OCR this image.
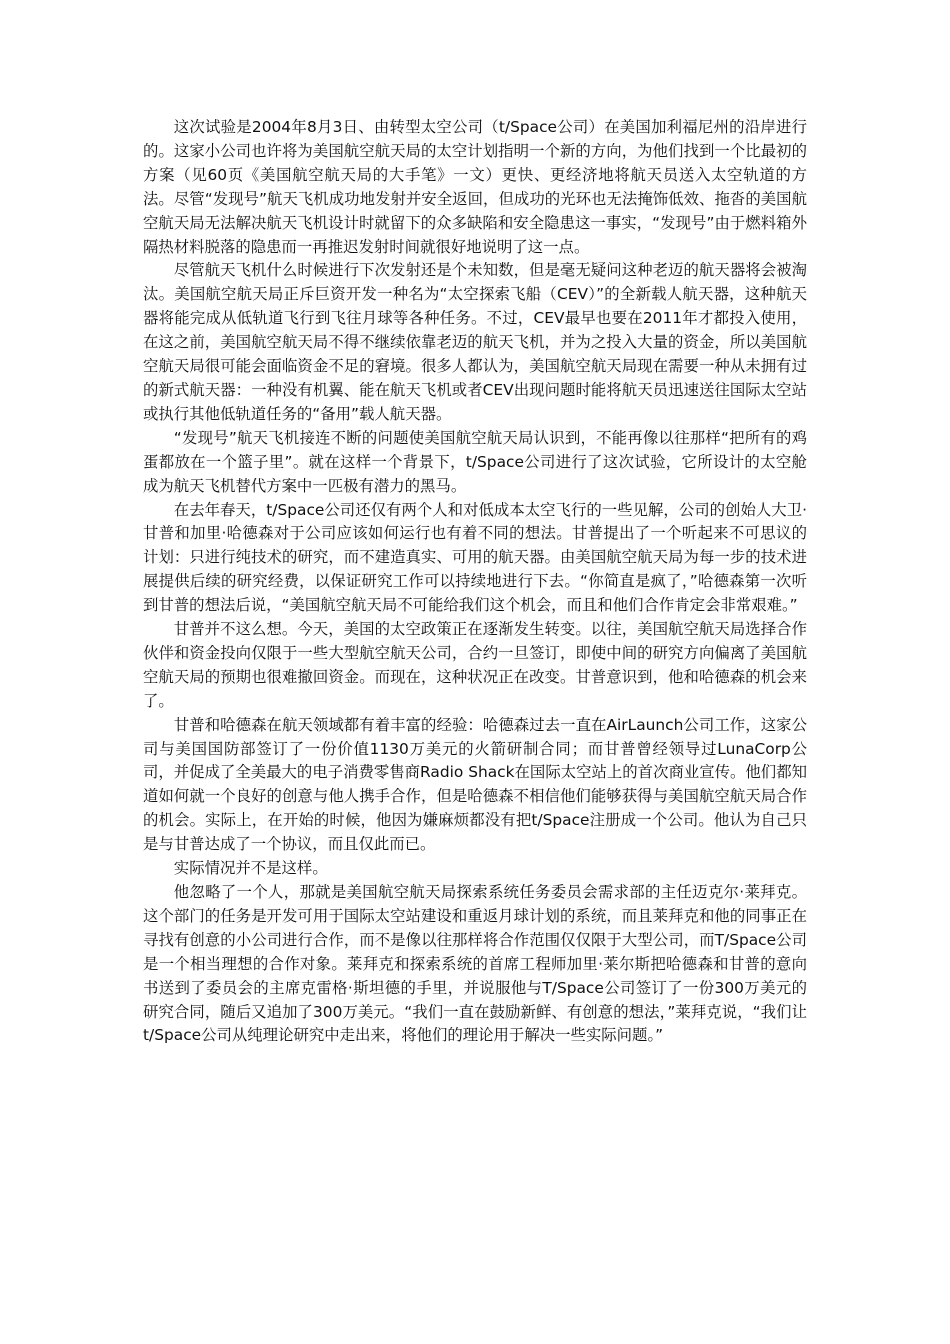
这次试验是2004年8月3日、由转型太空公司（t/Space公司）在美国加利福尼州的沿岸进行的。这家小公司也许将为美国航空航天局的太空计划指明一个新的方向，为他们找到一个比最初的方案（见60页《美国航空航天局的大手笔》一文）更快、更经济地将航天员送入太空轨道的方法。尽管“发现号”航天飞机成功地发射并安全返回，但成功的光环也无法掩饰低效、拖沓的美国航空航天局无法解决航天飞机设计时就留下的众多缺陷和安全隐患这一事实，“发现号”由于燃料箱外隔热材料脱落的隐患而一再推迟发射时间就很好地说明了这一点。

尽管航天飞机什么时候进行下次发射还是个未知数，但是毫无疑问这种老迈的航天器将会被淘汰。美国航空航天局正斥巨资开发一种名为“太空探索飞船（CEV）”的全新载人航天器，这种航天器将能完成从低轨道飞行到飞往月球等各种任务。不过，CEV最早也要在2011年才都投入使用，在这之前，美国航空航天局不得不继续依靠老迈的航天飞机，并为之投入大量的资金，所以美国航空航天局很可能会面临资金不足的窘境。很多人都认为，美国航空航天局现在需要一种从未拥有过的新式航天器：一种没有机翼、能在航天飞机或者CEV出现问题时能将航天员迅速送往国际太空站或执行其他低轨道任务的“备用”载人航天器。

“发现号”航天飞机接连不断的问题使美国航空航天局认识到，不能再像以往那样“把所有的鸡蛋都放在一个篮子里”。就在这样一个背景下，t/Space公司进行了这次试验，它所设计的太空舱成为航天飞机替代方案中一匹极有潜力的黑马。

在去年春天，t/Space公司还仅有两个人和对低成本太空飞行的一些见解，公司的创始人大卫·甘普和加里·哈德森对于公司应该如何运行也有着不同的想法。甘普提出了一个听起来不可思议的计划：只进行纯技术的研究，而不建造真实、可用的航天器。由美国航空航天局为每一步的技术进展提供后续的研究经费，以保证研究工作可以持续地进行下去。“你简直是疯了，”哈德森第一次听到甘普的想法后说，“美国航空航天局不可能给我们这个机会，而且和他们合作肯定会非常艰难。”

甘普并不这么想。今天，美国的太空政策正在逐渐发生转变。以往，美国航空航天局选择合作伙伴和资金投向仅限于一些大型航空航天公司，合约一旦签订，即使中间的研究方向偏离了美国航空航天局的预期也很难撤回资金。而现在，这种状况正在改变。甘普意识到，他和哈德森的机会来了。

甘普和哈德森在航天领域都有着丰富的经验：哈德森过去一直在AirLaunch公司工作，这家公司与美国国防部签订了一份价值1130万美元的火箭研制合同；而甘普曾经领导过LunaCorp公司，并促成了全美最大的电子消费零售商Radio Shack在国际太空站上的首次商业宣传。他们都知道如何就一个良好的创意与他人携手合作，但是哈德森不相信他们能够获得与美国航空航天局合作的机会。实际上，在开始的时候，他因为嫌麻烦都没有把t/Space注册成一个公司。他认为自己只是与甘普达成了一个协议，而且仅此而已。

实际情况并不是这样。

他忽略了一个人，那就是美国航空航天局探索系统任务委员会需求部的主任迈克尔·莱拜克。这个部门的任务是开发可用于国际太空站建设和重返月球计划的系统，而且莱拜克和他的同事正在寻找有创意的小公司进行合作，而不是像以往那样将合作范围仅仅限于大型公司，而T/Space公司是一个相当理想的合作对象。莱拜克和探索系统的首席工程师加里·莱尔斯把哈德森和甘普的意向书送到了委员会的主席克雷格·斯坦德的手里，并说服他与T/Space公司签订了一份300万美元的研究合同，随后又追加了300万美元。“我们一直在鼓励新鲜、有创意的想法，”莱拜克说，“我们让t/Space公司从纯理论研究中走出来，将他们的理论用于解决一些实际问题。”
